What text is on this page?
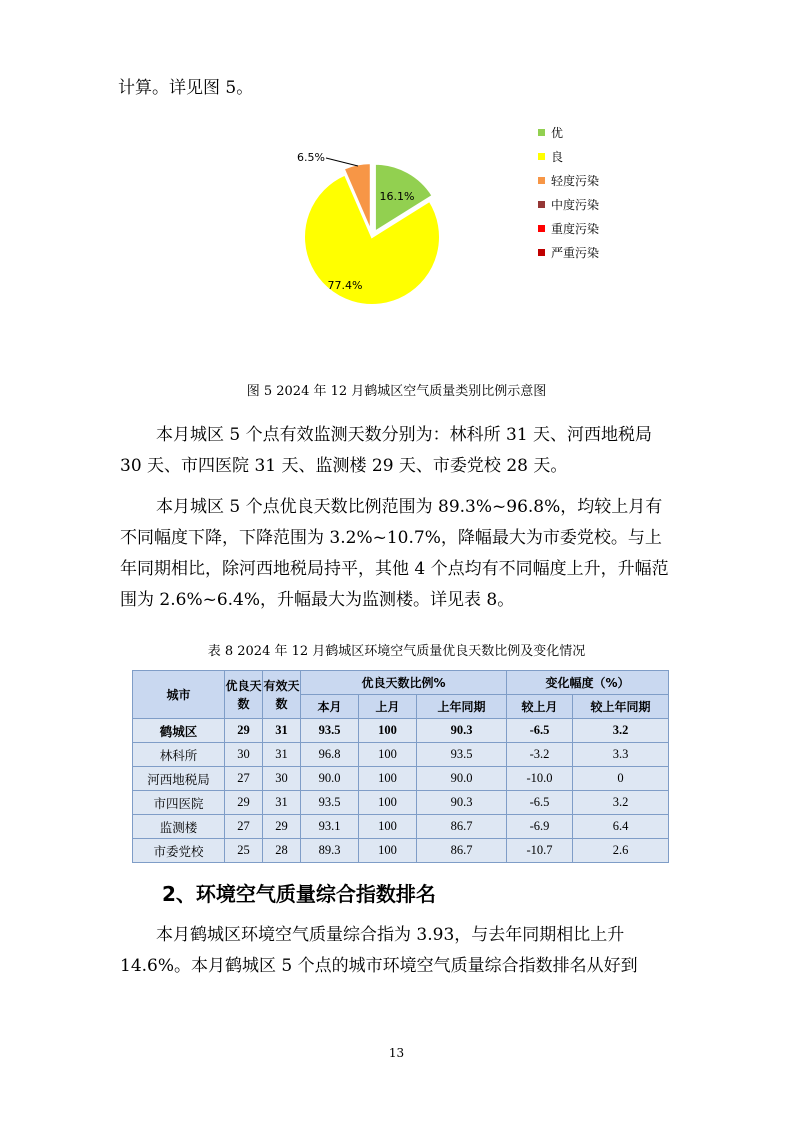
计算。详见图 5。

16.1%
77.4%
6.5%
优
良
轻度污染
中度污染
重度污染
严重污染
图 5 2024 年 12 月鹤城区空气质量类别比例示意图

本月城区 5 个点有效监测天数分别为：林科所 31 天、河西地税局 30 天、市四医院 31 天、监测楼 29 天、市委党校 28 天。

本月城区 5 个点优良天数比例范围为 89.3%~96.8%，均较上月有不同幅度下降，下降范围为 3.2%~10.7%，降幅最大为市委党校。与上年同期相比，除河西地税局持平，其他 4 个点均有不同幅度上升，升幅范围为 2.6%~6.4%，升幅最大为监测楼。详见表 8。

表 8 2024 年 12 月鹤城区环境空气质量优良天数比例及变化情况
城市	优良天数	有效天数	优良天数比例%			变化幅度（%）	
			本月	上月	上年同期	较上月	较上年同期
鹤城区	29	31	93.5	100	90.3	-6.5	3.2
林科所	30	31	96.8	100	93.5	-3.2	3.3
河西地税局	27	30	90.0	100	90.0	-10.0	0
市四医院	29	31	93.5	100	90.3	-6.5	3.2
监测楼	27	29	93.1	100	86.7	-6.9	6.4
市委党校	25	28	89.3	100	86.7	-10.7	2.6
2、环境空气质量综合指数排名

本月鹤城区环境空气质量综合指为 3.93，与去年同期相比上升 14.6%。本月鹤城区 5 个点的城市环境空气质量综合指数排名从好到

13
